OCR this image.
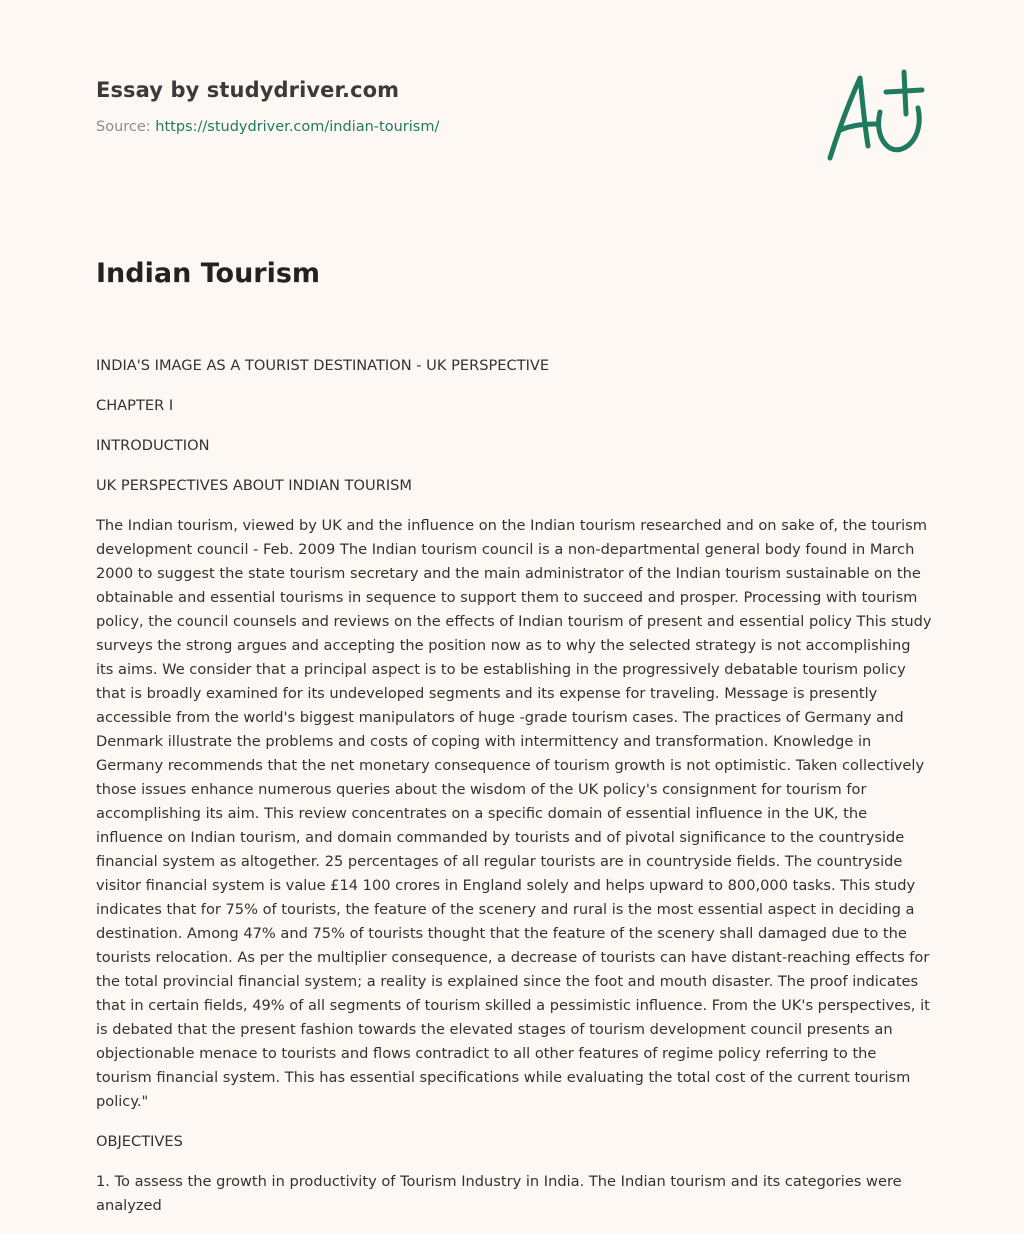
Essay by studydriver.com
Source: https://studydriver.com/indian-tourism/
Indian Tourism

INDIA'S IMAGE AS A TOURIST DESTINATION - UK PERSPECTIVE

CHAPTER I

INTRODUCTION

UK PERSPECTIVES ABOUT INDIAN TOURISM

The Indian tourism, viewed by UK and the influence on the Indian tourism researched and on sake of, the tourism development council - Feb. 2009 The Indian tourism council is a non-departmental general body found in March 2000 to suggest the state tourism secretary and the main administrator of the Indian tourism sustainable on the obtainable and essential tourisms in sequence to support them to succeed and prosper. Processing with tourism policy, the council counsels and reviews on the effects of Indian tourism of present and essential policy This study surveys the strong argues and accepting the position now as to why the selected strategy is not accomplishing its aims. We consider that a principal aspect is to be establishing in the progressively debatable tourism policy that is broadly examined for its undeveloped segments and its expense for traveling. Message is presently accessible from the world's biggest manipulators of huge -grade tourism cases. The practices of Germany and Denmark illustrate the problems and costs of coping with intermittency and transformation. Knowledge in Germany recommends that the net monetary consequence of tourism growth is not optimistic. Taken collectively those issues enhance numerous queries about the wisdom of the UK policy's consignment for tourism for accomplishing its aim. This review concentrates on a specific domain of essential influence in the UK, the influence on Indian tourism, and domain commanded by tourists and of pivotal significance to the countryside financial system as altogether. 25 percentages of all regular tourists are in countryside fields. The countryside visitor financial system is value £14 100 crores in England solely and helps upward to 800,000 tasks. This study indicates that for 75% of tourists, the feature of the scenery and rural is the most essential aspect in deciding a destination. Among 47% and 75% of tourists thought that the feature of the scenery shall damaged due to the tourists relocation. As per the multiplier consequence, a decrease of tourists can have distant-reaching effects for the total provincial financial system; a reality is explained since the foot and mouth disaster. The proof indicates that in certain fields, 49% of all segments of tourism skilled a pessimistic influence. From the UK's perspectives, it is debated that the present fashion towards the elevated stages of tourism development council presents an objectionable menace to tourists and flows contradict to all other features of regime policy referring to the tourism financial system. This has essential specifications while evaluating the total cost of the current tourism policy."

OBJECTIVES

1. To assess the growth in productivity of Tourism Industry in India. The Indian tourism and its categories were analyzed
